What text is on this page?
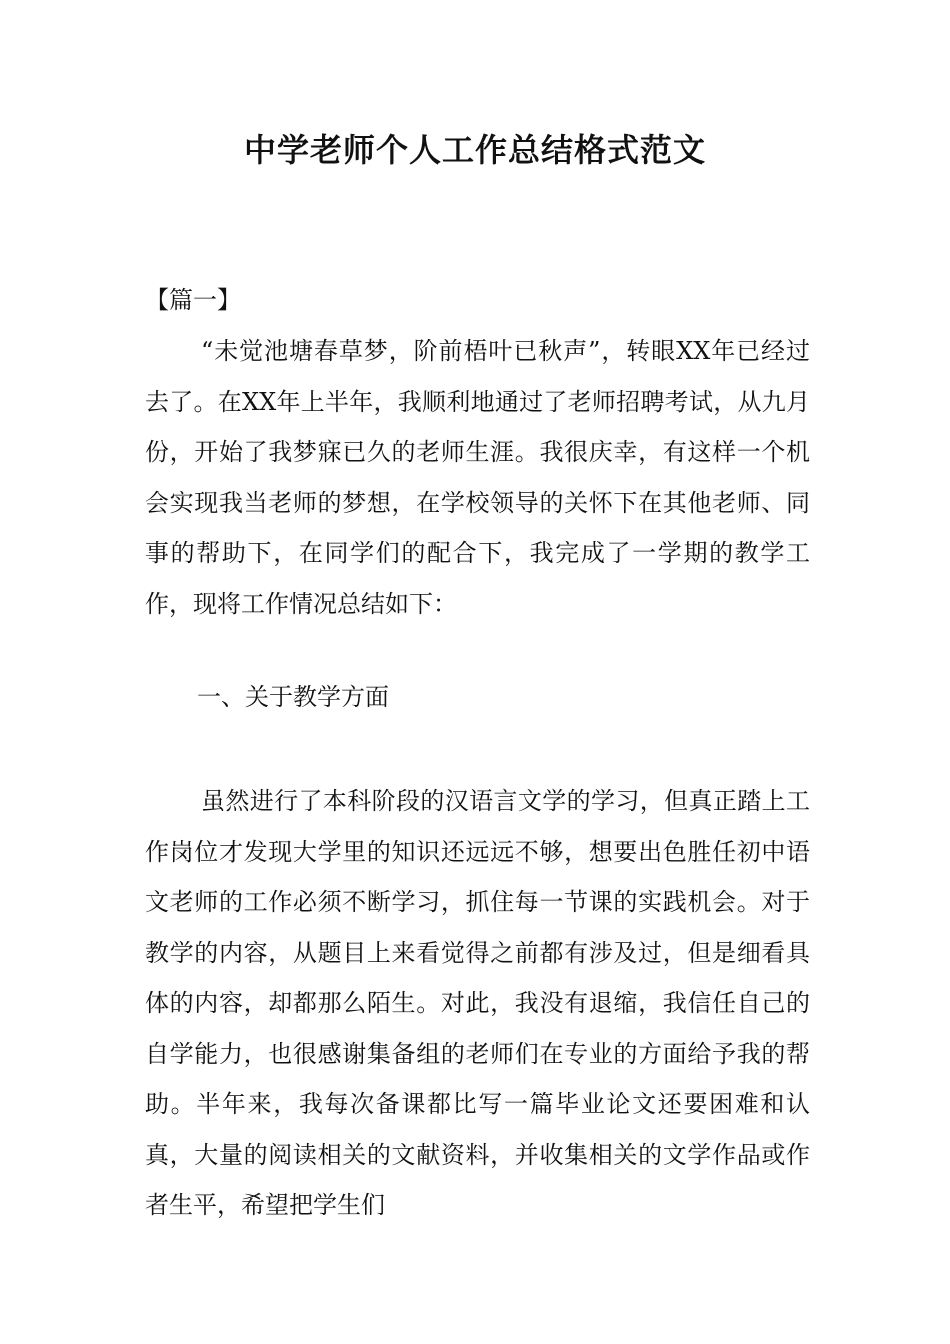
中学老师个人工作总结格式范文

【篇一】

“未觉池塘春草梦，阶前梧叶已秋声”，转眼XX年已经过去了。在XX年上半年，我顺利地通过了老师招聘考试，从九月份，开始了我梦寐已久的老师生涯。我很庆幸，有这样一个机会实现我当老师的梦想，在学校领导的关怀下在其他老师、同事的帮助下，在同学们的配合下，我完成了一学期的教学工作，现将工作情况总结如下：

一、关于教学方面

虽然进行了本科阶段的汉语言文学的学习，但真正踏上工作岗位才发现大学里的知识还远远不够，想要出色胜任初中语文老师的工作必须不断学习，抓住每一节课的实践机会。对于教学的内容，从题目上来看觉得之前都有涉及过，但是细看具体的内容，却都那么陌生。对此，我没有退缩，我信任自己的自学能力，也很感谢集备组的老师们在专业的方面给予我的帮助。半年来，我每次备课都比写一篇毕业论文还要困难和认真，大量的阅读相关的文献资料，并收集相关的文学作品或作者生平，希望把学生们
